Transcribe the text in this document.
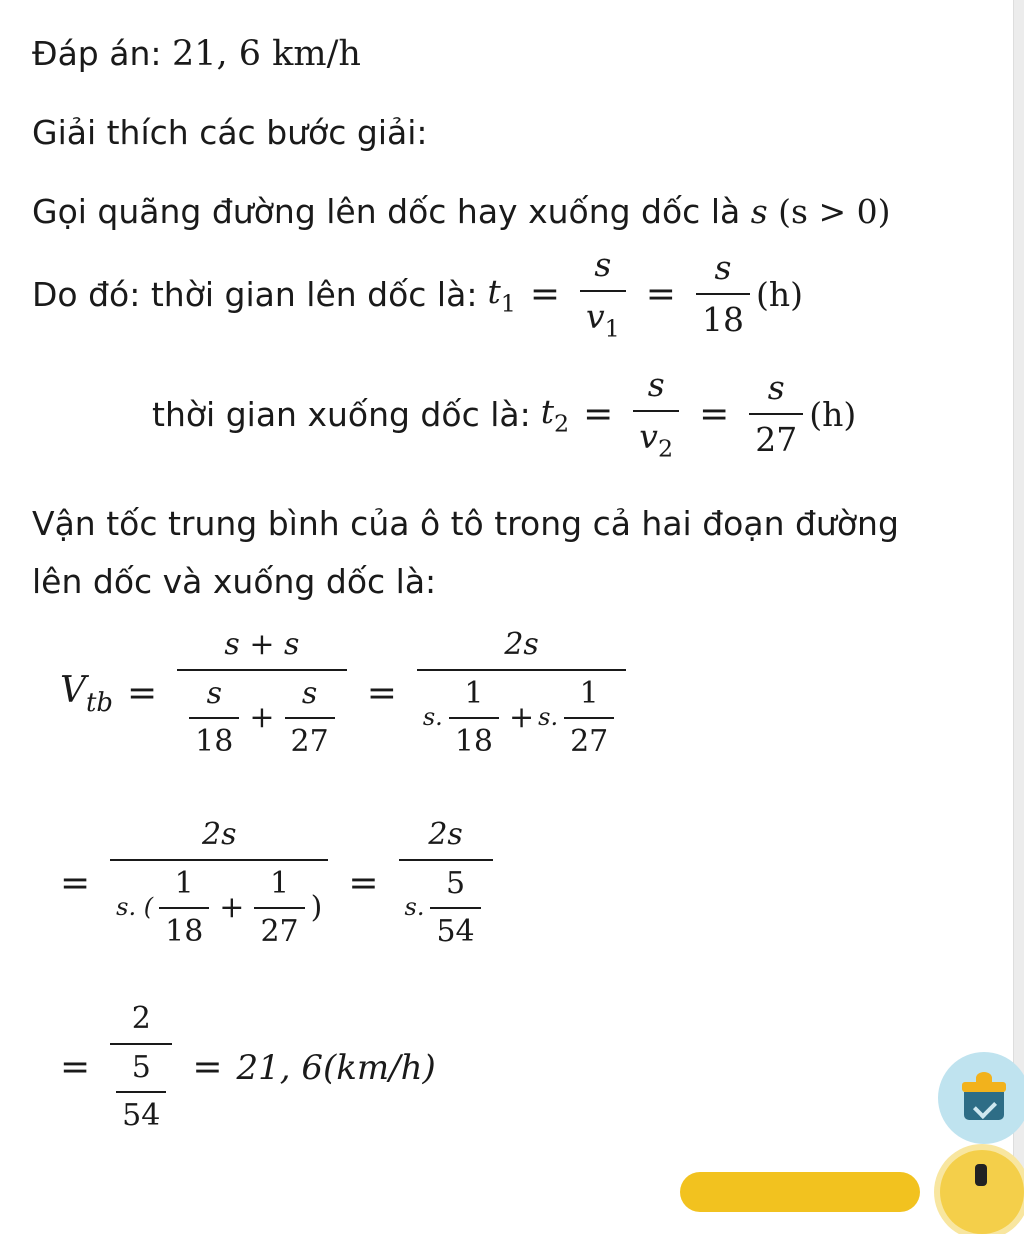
Đáp án: 21, 6 km/h
Giải thích các bước giải:
Gọi quãng đường lên dốc hay xuống dốc là s (s > 0)
Do đó: thời gian lên dốc là: $t_1 = \frac{s}{v_1} = \frac{s}{18} (h)$
thời gian xuống dốc là: $t_2 = \frac{s}{v_2} = \frac{s}{27} (h)$
Vận tốc trung bình của ô tô trong cả hai đoạn đường
lên dốc và xuống dốc là:
$V_{tb} = \frac{s + s}{\frac{s}{18} + \frac{s}{27}} = \frac{2s}{s. \frac{1}{18} + s. \frac{1}{27}}$
= $\frac{2s}{s. ( \frac{1}{18} + \frac{1}{27} )} = \frac{2s}{s. \frac{5}{54}}$
= $\frac{2}{\frac{5}{54}} = 21$, 6(km/h)
